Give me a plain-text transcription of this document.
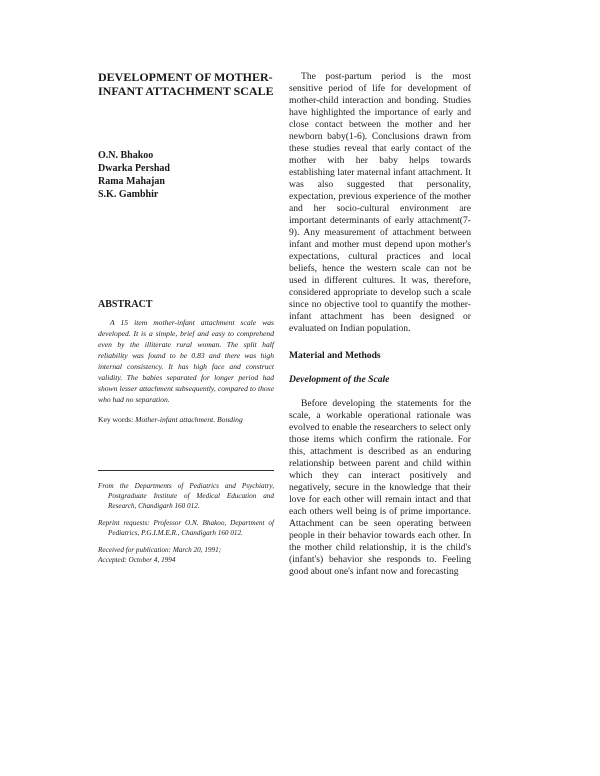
DEVELOPMENT OF MOTHER-
INFANT ATTACHMENT SCALE
O.N. Bhakoo
Dwarka Pershad
Rama Mahajan
S.K. Gambhir
ABSTRACT
A 15 item mother-infant attachment scale was developed. It is a simple, brief and easy to comprehend even by the illiterate rural woman. The split half reliability was found to be 0.83 and there was high internal consistency. It has high face and construct validity. The babies separated for longer period had shown lesser attachment subsequently, compared to those who had no separation.
Key words: Mother-infant attachment. Bonding
From the Departments of Pediatrics and Psychiatry, Postgraduate Institute of Medical Education and Research, Chandigarh 160 012.
Reprint requests: Professor O.N. Bhakoo, Department of Pediatrics, P.G.I.M.E.R., Chandigarh 160 012.
Received for publication: March 20, 1991;
Accepted: October 4, 1994

The post-partum period is the most sensitive period of life for development of mother-child interaction and bonding. Studies have highlighted the importance of early and close contact between the mother and her newborn baby(1-6). Conclusions drawn from these studies reveal that early contact of the mother with her baby helps towards establishing later maternal infant attachment. It was also suggested that personality, expectation, previous experience of the mother and her socio-cultural environment are important determinants of early attachment(7-9). Any measurement of attachment between infant and mother must depend upon mother's expectations, cultural practices and local beliefs, hence the western scale can not be used in different cultures. It was, therefore, considered appropriate to develop such a scale since no objective tool to quantify the mother-infant attachment has been designed or evaluated on Indian population.

Material and Methods
Development of the Scale

Before developing the statements for the scale, a workable operational rationale was evolved to enable the researchers to select only those items which confirm the rationale. For this, attachment is described as an enduring relationship between parent and child within which they can interact positively and negatively, secure in the knowledge that their love for each other will remain intact and that each others well being is of prime importance. Attachment can be seen operating between people in their behavior towards each other. In the mother child relationship, it is the child's (infant's) behavior she responds to. Feeling good about one's infant now and forecasting
